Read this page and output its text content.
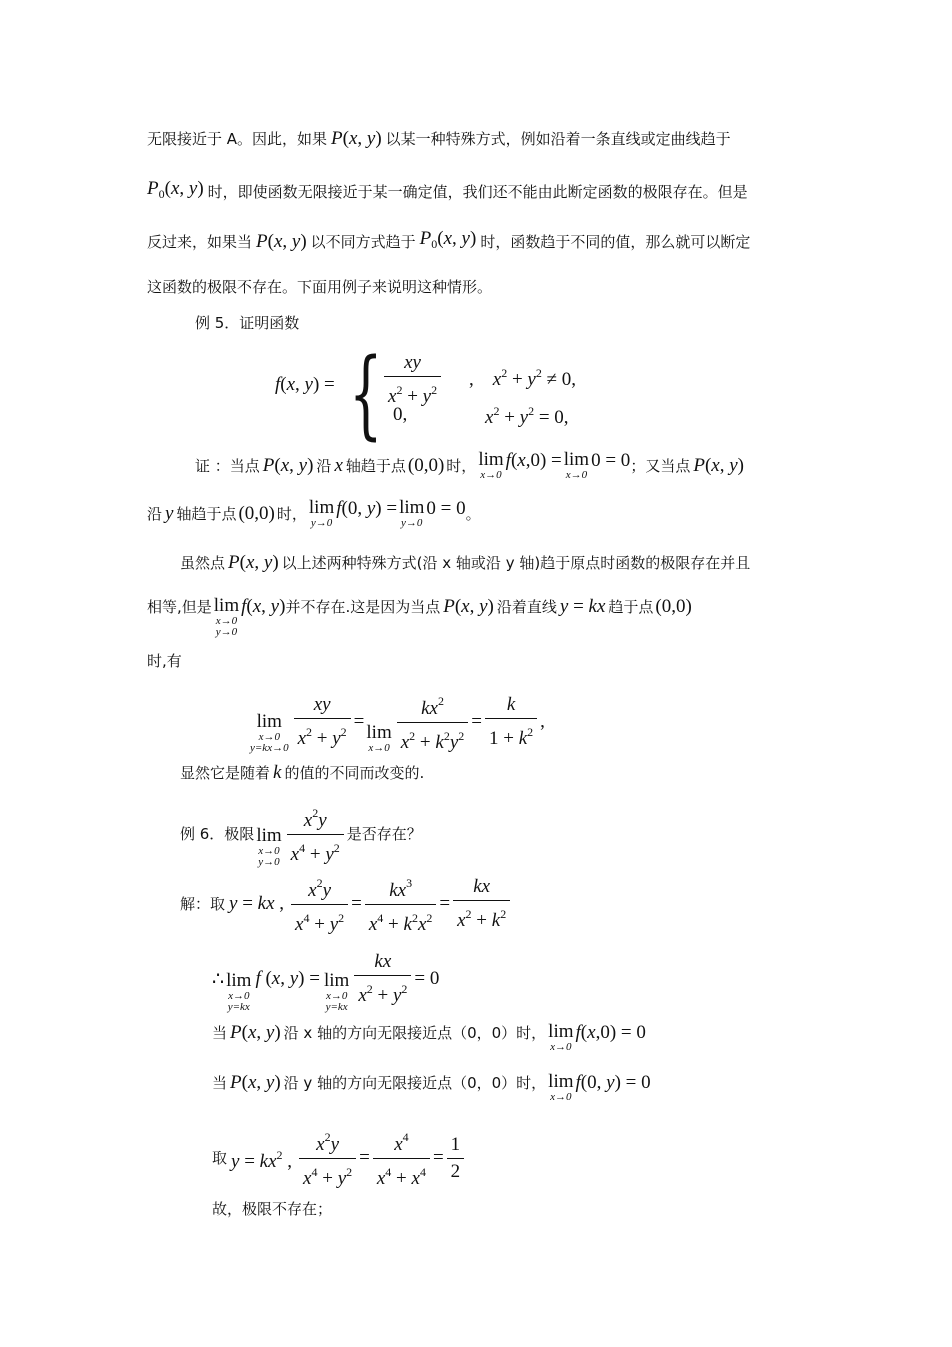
无限接近于 A。因此，如果 P(x, y) 以某一种特殊方式，例如沿着一条直线或定曲线趋于
$P_0(x$, y) 时，即使函数无限接近于某一确定值，我们还不能由此断定函数的极限存在。但是
反过来，如果当 P(x, y) 以不同方式趋于 $P_0(x$, y) 时，函数趋于不同的值，那么就可以断定
这函数的极限不存在。下面用例子来说明这种情形。
例 5．证明函数
f(x, y) = { $\frac{xy}{x^2 + y^2}$ ,    $x^2 + y^2 \ne 0$,
0,	$x^2 + y^2 = 0$,
证 ：当点 P(x, y) 沿 x 轴趋于点 (0,0) 时， lim
x→0
f(x,0) = lim
x→0
0 = 0 ；又当点 P(x, y)
沿 y 轴趋于点 (0,0) 时， lim
y→0
f(0, y) = lim
y→0
0 = 0 。
虽然点 P(x, y) 以上述两种特殊方式(沿 x 轴或沿 y 轴)趋于原点时函数的极限存在并且
相等,但是 lim
x→0
y→0
f(x, y) 并不存在.这是因为当点 P(x, y) 沿着直线 y = kx 趋于点 (0,0)
时,有
lim
x→0
$y=kx\to 0 \frac{xy}{x^2 + y^2}$ =
lim
$x\to 0 \frac{kx^2}{x^2 + k^2y^2} = \frac{k}{1 + k^2}$ ,
显然它是随着 k 的值的不同而改变的.
例 6．极限 lim
x→0
$y\to 0 \frac{x^2y}{x^4 + y^2}$ 是否存在？
解：取 y = kx , $\frac{x^2y}{x^4 + y^2} = \frac{kx^3}{x^4 + k^2x^2} = \frac{kx}{x^2 + k^2}$
∴ lim
x→0
y=kx
f (x, y) = lim
x→0
$y=kx \frac{kx}{x^2 + y^2} = 0$
当 P(x, y) 沿 x 轴的方向无限接近点（0，0）时， lim
x→0
f(x,0) = 0
当 P(x, y) 沿 y 轴的方向无限接近点（0，0）时， lim
x→0
f(0, y) = 0
取 $y = kx^2$ , $\frac{x^2y}{x^4 + y^2} = \frac{x^4}{x^4 + x^4} = \frac{1}{2}$
故，极限不存在；
